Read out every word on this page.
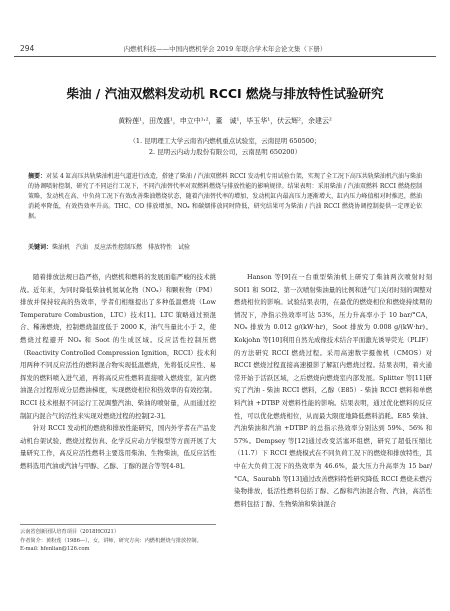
294	内燃机科技——中国内燃机学会 2019 年联合学术年会论文集（下册）
柴油 / 汽油双燃料发动机 RCCI 燃烧与排放特性试验研究
黄粉莲¹，田茂盛¹，申立中¹˒²，董　诚¹，毕玉华¹，伏云辉²，余建云²
（1. 昆明理工大学云南省内燃机重点试验室，云南昆明 650500；
2. 昆明云内动力股份有限公司，云南昆明 650200）
摘要：对某 4 缸高压共轨柴油机进气道进行改造，搭建了柴油 / 汽油双燃料 RCCI 发动机专用试验台架，实现了全工况下高压共轨柴油机汽油与柴油的协调喷射控制，研究了不同运行工况下，不同汽油替代率对双燃料燃烧与排放性能的影响规律。结果表明：采用柴油 / 汽油双燃料 RCCI 燃烧控制策略，发动机在高、中负荷工况下有效改善柴油燃烧状态，随着汽油替代率的增加，发动机缸内最高压力逐渐增大，缸内压力峰值相对时推迟，燃油消耗率降低，有效热效率升高。THC、CO 排放增加，NOₓ 和碳烟排放同时降低，研究结果可为柴油 / 汽油 RCCI 燃烧协调控制提供一定理论依据。
关键词：柴油机　汽油　反应活性控制压燃　排放特性　试验

随着排放法规日趋严格，内燃机和燃料的发展面临严峻的技术挑战。近年来，为同时降低柴油机氮氧化物（NOₓ）和颗粒物（PM）排放并保持较高的热效率，学者们相继提出了多种低温燃烧（Low Temperature Combustion，LTC）技术[1]。LTC 策略通过预混合、稀薄燃烧，控制燃烧温度低于 2000 K，油气当量比小于 2，使燃烧过程避开 NOₓ 和 Soot 的生成区域。反应活性控制压燃（Reactivity Controlled Compression Ignition，RCCI）技术利用两种不同反应活性的燃料混合物实现低温燃烧，先将低反应性、易挥发的燃料喷入进气道，再将高反应性燃料直接喷入燃烧室，缸内燃油混合过程形成分层燃油梯度，实现燃烧相位和热效率的有效控制。RCCI 技术根据不同运行工况调整汽油、柴油的喷射量，从而通过控制缸内混合气的活性来实现对燃烧过程的控制[2-3]。

针对 RCCI 发动机的燃烧和排放性能研究，国内外学者在产品发动机台架试验、燃烧过程仿真、化学反应动力学模型等方面开展了大量研究工作，高反应活性燃料主要选用柴油、生物柴油，低反应活性燃料选用汽油或汽油与甲醇、乙醇、丁醇的混合等等[4-8]。

Hanson 等[9]在一台重型柴油机上研究了柴油两次喷射时刻 SOI1 和 SOI2、第一次喷射柴油量的比例和进气门关闭时刻的调整对燃烧相位的影响。试验结果表明，在最优的燃烧相位和燃烧持续期的情况下，净指示热效率可达 53%，压力升高率小于 10 bar/°CA，NOₓ 排放为 0.012 g/(kW·hr)，Soot 排放为 0.008 g/(kW·hr)。Kokjohn 等[10]利用自然光成像技术结合平面激光诱导荧光（PLIF）的方法研究 RCCI 燃烧过程。采用高速数字摄像机（CMOS）对 RCCI 燃烧过程直接高速摄影了解缸内燃烧过程。结果表明，着火通常开始于活跃区域，之后燃烧向燃烧室内部发展。Splitter 等[11]研究了汽油 - 柴油 RCCI 燃料，乙醇（E85）- 柴油 RCCI 燃料和单燃料汽油 +DTBP 对燃料性能的影响。结果表明，通过优化燃料的反应性，可以优化燃烧相位，从而最大限度地降低燃料消耗。E85 柴油、汽油柴油和汽油 +DTBP 的总指示热效率分别达到 59%、56% 和 57%。Dempsey 等[12]通过改变活塞环组燃，研究了超低压缩比（11.7）下 RCCI 燃烧模式在不同负荷工况下的燃烧和排放特性，其中在大负荷工况下的热效率为 46.6%，最大压力升高率为 15 bar/°CA。Saurabh 等[13]通过改善燃料特性研究降低 RCCI 燃烧未燃污染物排放，低活性燃料包括丁醇、乙醇和汽油混合物、汽油，高活性燃料包括丁醇、生物柴油和柴油混合

云南省创新团队培育项目（2018HC021）
作者简介：黄粉莲（1986—），女，讲师，研究方向：内燃机燃烧与排放控制。
E-mail: hfenlian@126.com
